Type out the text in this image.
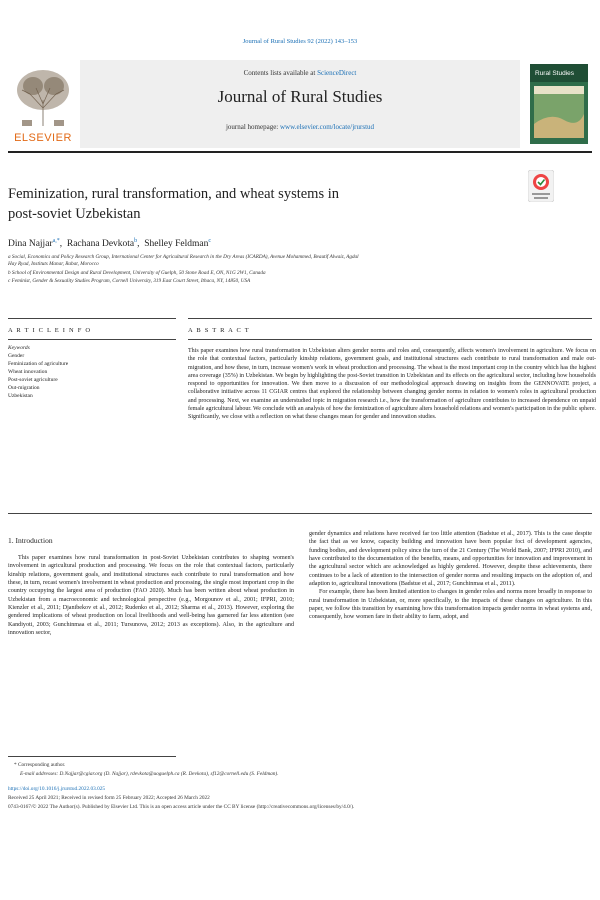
Journal of Rural Studies 92 (2022) 143–153
ELSEVIER
Contents lists available at ScienceDirect
Journal of Rural Studies
journal homepage: www.elsevier.com/locate/jrurstud
Rural Studies
Feminization, rural transformation, and wheat systems in
post-soviet Uzbekistan
Dina Najjar$^{a,*}$,  Rachana Devkota$^b$,  Shelley Feldman$^c$
a Social, Economics and Policy Research Group, International Center for Agricultural Research in the Dry Areas (ICARDA), Avenue Mohammed, Beautif Alwaiz, Agdal
Hay Ryad, Instituts Manar, Rabat, Morocco
b School of Environmental Design and Rural Development, University of Guelph, 50 Stone Road E, ON, N1G 2W1, Canada
c Feminist, Gender & Sexuality Studies Program, Cornell University, 319 East Court Street, Ithaca, NY, 14850, USA
A R T I C L E I N F O	A B S T R A C T
Keywords
Gender
Feminization of agriculture
Wheat innovation
Post-soviet agriculture
Out-migration
Uzbekistan
This paper examines how rural transformation in Uzbekistan alters gender norms and roles and, consequently, affects women's involvement in agriculture. We focus on the role that contextual factors, particularly kinship relations, government goals, and institutional structures each contribute to rural transformation and male out-migration, and how these, in turn, increase women's work in wheat production and processing. The wheat is the most important crop in the country which has the highest area coverage (35%) in Uzbekistan. We begin by highlighting the post-Soviet transition in Uzbekistan and its effects on the agricultural sector, including how households respond to opportunities for innovation. We then move to a discussion of our methodological approach drawing on insights from the GENNOVATE project, a collaborative initiative across 11 CGIAR centres that explored the relationship between changing gender norms in relation to women's roles in agricultural production and processing. Next, we examine an understudied topic in migration research i.e., how the transformation of agriculture contributes to increased dependence on unpaid female agricultural labour. We conclude with an analysis of how the feminization of agriculture alters household relations and women's participation in the public sphere. Significantly, we close with a reflection on what these changes mean for gender and innovation studies.
1. Introduction

This paper examines how rural transformation in post-Soviet Uzbekistan contributes to shaping women's involvement in agricultural production and processing. We focus on the role that contextual factors, particularly kinship relations, government goals, and institutional structures each contribute to rural transformation and how these, in turn, recast women's involvement in wheat production and processing, the single most important crop in the country occupying the largest area of production (FAO 2020). Much has been written about wheat production in Uzbekistan from a macroeconomic and technological perspective (e.g., Morgounov et al., 2001; IFPRI, 2010; Kienzler et al., 2011; Djanibekov et al., 2012; Rudenko et al., 2012; Sharma et al., 2013). However, exploring the gendered implications of wheat production on local livelihoods and well-being has garnered far less attention (see Kandiyoti, 2003; Gunchinmaa et al., 2011; Tursunova, 2012; 2013 as exceptions). Also, in the agriculture and innovation sector,

gender dynamics and relations have received far too little attention (Badstue et al., 2017). This is the case despite the fact that as we know, capacity building and innovation have been popular foci of development agencies, funding bodies, and development policy since the turn of the 21 Century (The World Bank, 2007; IFPRI 2010), and have contributed to the documentation of the benefits, means, and opportunities for innovation and improvement in the agricultural sector which are acknowledged as highly gendered. However, despite these achievements, there continues to be a lack of attention to the intersection of gender norms and resulting impacts on the adoption of, and adaption to, agricultural innovations (Badstue et al., 2017; Gunchinmaa et al., 2011).

For example, there has been limited attention to changes in gender roles and norms more broadly in response to rural transformation in Uzbekistan, or, more specifically, to the impacts of these changes on agriculture. In this paper, we follow this transition by examining how this transformation impacts gender norms in wheat systems and, consequently, how women fare in their ability to farm, adopt, and

* Corresponding author.
E-mail addresses: D.Najjar@cgiar.org (D. Najjar), rdevkota@uoguelph.ca (R. Devkota), sf12@cornell.edu (S. Feldman).
https://doi.org/10.1016/j.jrurstud.2022.03.025
Received 25 April 2021; Received in revised form 25 February 2022; Accepted 26 March 2022
0743-0167/© 2022 The Author(s). Published by Elsevier Ltd. This is an open access article under the CC BY license (http://creativecommons.org/licenses/by/4.0/).
